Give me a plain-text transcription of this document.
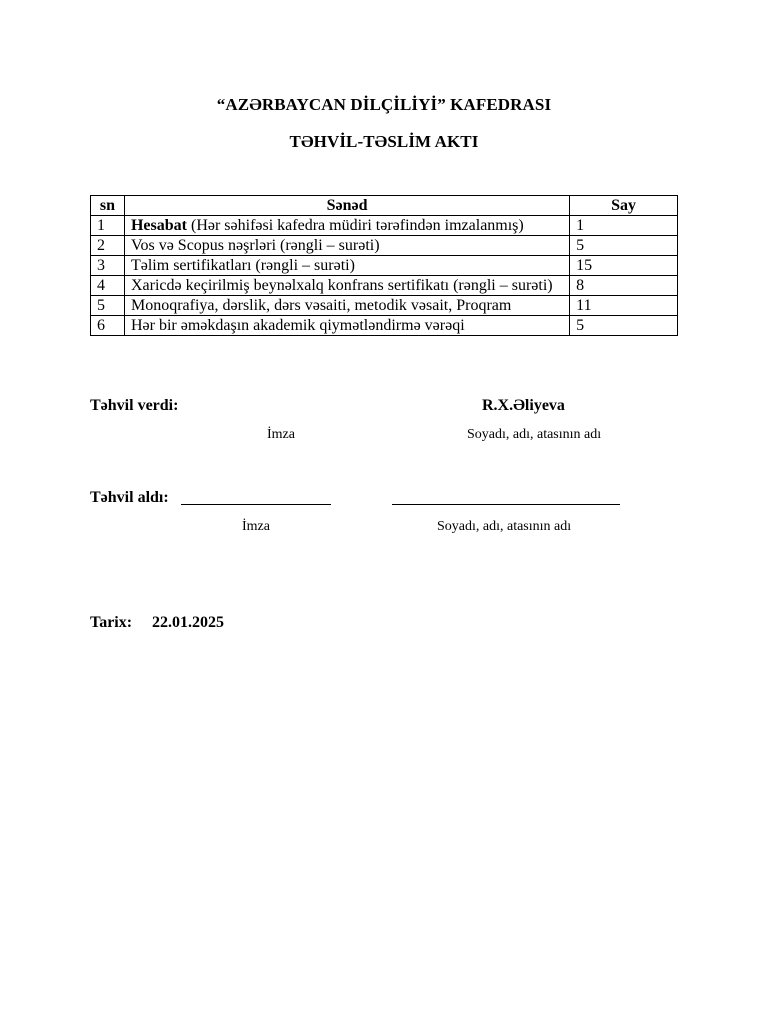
“AZƏRBAYCAN DİLÇİLİYİ” KAFEDRASI
TƏHVİL-TƏSLİM AKTI
sn	Sənəd	Say
1	Hesabat (Hər səhifəsi kafedra müdiri tərəfindən imzalanmış)	1
2	Vos və Scopus nəşrləri (rəngli – surəti)	5
3	Təlim sertifikatları (rəngli – surəti)	15
4	Xaricdə keçirilmiş beynəlxalq konfrans sertifikatı (rəngli – surəti)	8
5	Monoqrafiya, dərslik, dərs vəsaiti, metodik vəsait, Proqram	11
6	Hər bir əməkdaşın akademik qiymətləndirmə vərəqi	5
Təhvil verdi:	R.X.Əliyeva
İmza	Soyadı, adı, atasının adı
Təhvil aldı:
İmza	Soyadı, adı, atasının adı
Tarix: 22.01.2025
